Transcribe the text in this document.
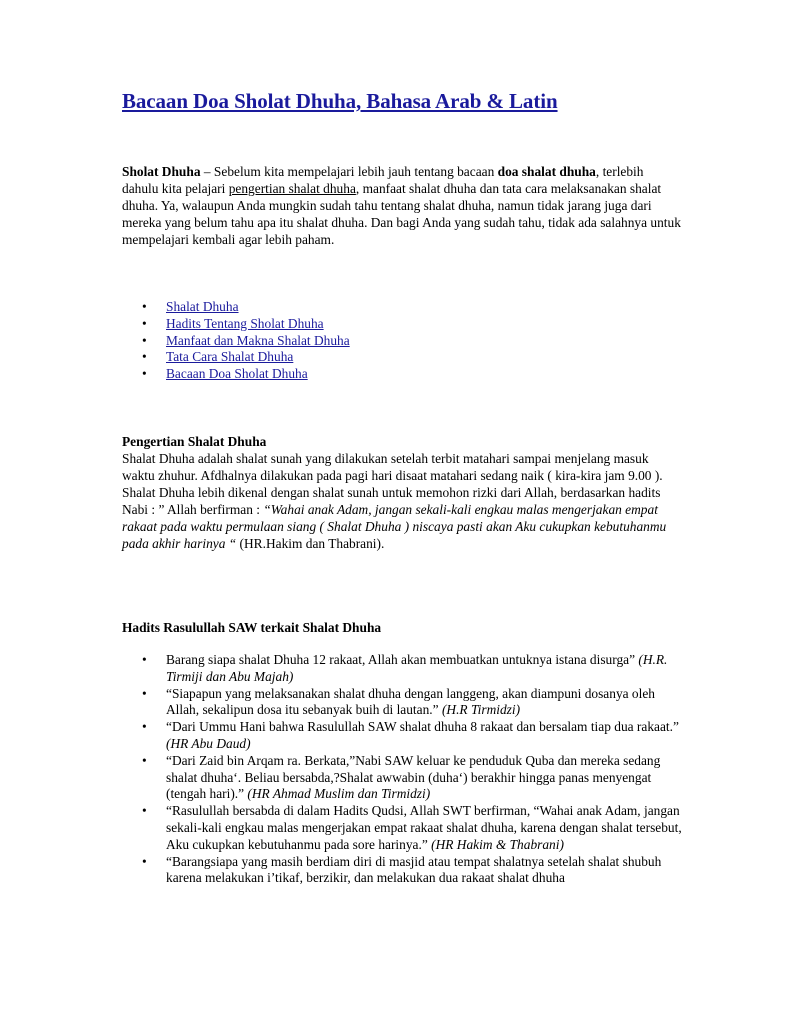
Bacaan Doa Sholat Dhuha, Bahasa Arab & Latin

Sholat Dhuha – Sebelum kita mempelajari lebih jauh tentang bacaan doa shalat dhuha, terlebih dahulu kita pelajari pengertian shalat dhuha, manfaat shalat dhuha dan tata cara melaksanakan shalat dhuha. Ya, walaupun Anda mungkin sudah tahu tentang shalat dhuha, namun tidak jarang juga dari mereka yang belum tahu apa itu shalat dhuha. Dan bagi Anda yang sudah tahu, tidak ada salahnya untuk mempelajari kembali agar lebih paham.

• Shalat Dhuha
• Hadits Tentang Sholat Dhuha
• Manfaat dan Makna Shalat Dhuha
• Tata Cara Shalat Dhuha
• Bacaan Doa Sholat Dhuha
Pengertian Shalat Dhuha

Shalat Dhuha adalah shalat sunah yang dilakukan setelah terbit matahari sampai menjelang masuk waktu zhuhur. Afdhalnya dilakukan pada pagi hari disaat matahari sedang naik ( kira-kira jam 9.00 ). Shalat Dhuha lebih dikenal dengan shalat sunah untuk memohon rizki dari Allah, berdasarkan hadits Nabi : ” Allah berfirman : “Wahai anak Adam, jangan sekali-kali engkau malas mengerjakan empat rakaat pada waktu permulaan siang ( Shalat Dhuha ) niscaya pasti akan Aku cukupkan kebutuhanmu pada akhir harinya “ (HR.Hakim dan Thabrani).

Hadits Rasulullah SAW terkait Shalat Dhuha
• Barang siapa shalat Dhuha 12 rakaat, Allah akan membuatkan untuknya istana disurga” (H.R. Tirmiji dan Abu Majah)
• “Siapapun yang melaksanakan shalat dhuha dengan langgeng, akan diampuni dosanya oleh Allah, sekalipun dosa itu sebanyak buih di lautan.” (H.R Tirmidzi)
• “Dari Ummu Hani bahwa Rasulullah SAW shalat dhuha 8 rakaat dan bersalam tiap dua rakaat.” (HR Abu Daud)
• “Dari Zaid bin Arqam ra. Berkata,”Nabi SAW keluar ke penduduk Quba dan mereka sedang shalat dhuha‘. Beliau bersabda,?Shalat awwabin (duha‘) berakhir hingga panas menyengat (tengah hari).” (HR Ahmad Muslim dan Tirmidzi)
• “Rasulullah bersabda di dalam Hadits Qudsi, Allah SWT berfirman, “Wahai anak Adam, jangan sekali-kali engkau malas mengerjakan empat rakaat shalat dhuha, karena dengan shalat tersebut, Aku cukupkan kebutuhanmu pada sore harinya.” (HR Hakim & Thabrani)
• “Barangsiapa yang masih berdiam diri di masjid atau tempat shalatnya setelah shalat shubuh karena melakukan i’tikaf, berzikir, dan melakukan dua rakaat shalat dhuha
